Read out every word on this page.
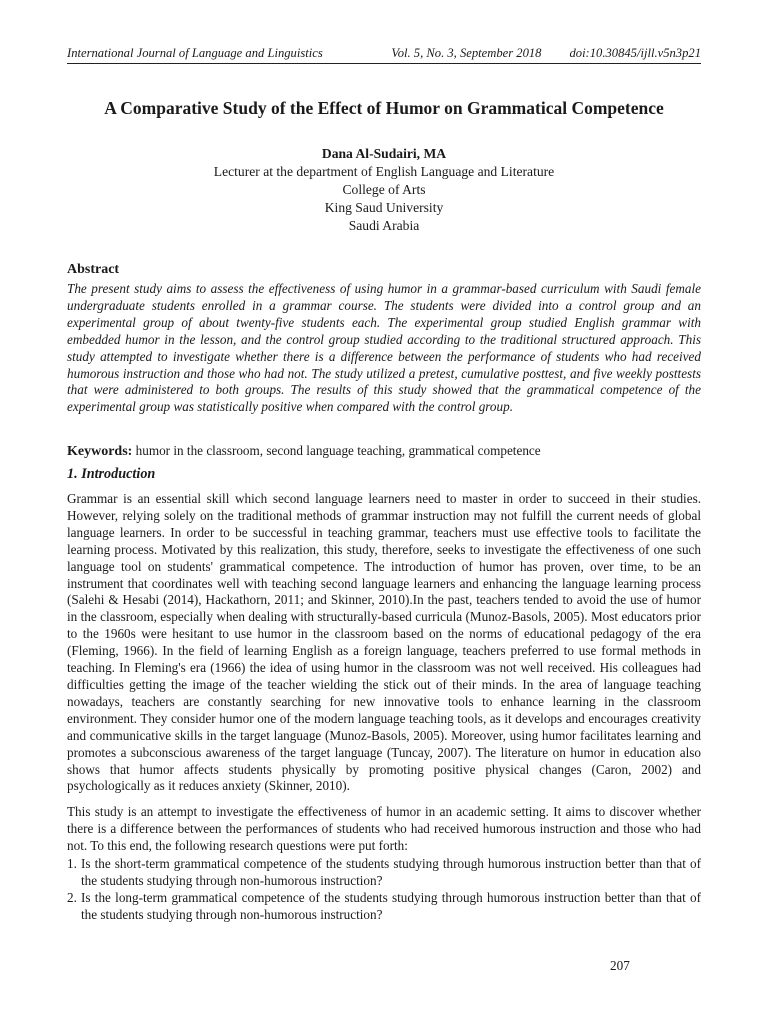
International Journal of Language and Linguistics	Vol. 5, No. 3, September 2018 doi:10.30845/ijll.v5n3p21
A Comparative Study of the Effect of Humor on Grammatical Competence
Dana Al-Sudairi, MA
Lecturer at the department of English Language and Literature
College of Arts
King Saud University
Saudi Arabia
Abstract
The present study aims to assess the effectiveness of using humor in a grammar-based curriculum with Saudi female undergraduate students enrolled in a grammar course. The students were divided into a control group and an experimental group of about twenty-five students each. The experimental group studied English grammar with embedded humor in the lesson, and the control group studied according to the traditional structured approach. This study attempted to investigate whether there is a difference between the performance of students who had received humorous instruction and those who had not. The study utilized a pretest, cumulative posttest, and five weekly posttests that were administered to both groups. The results of this study showed that the grammatical competence of the experimental group was statistically positive when compared with the control group.
Keywords: humor in the classroom, second language teaching, grammatical competence
1. Introduction
Grammar is an essential skill which second language learners need to master in order to succeed in their studies. However, relying solely on the traditional methods of grammar instruction may not fulfill the current needs of global language learners. In order to be successful in teaching grammar, teachers must use effective tools to facilitate the learning process. Motivated by this realization, this study, therefore, seeks to investigate the effectiveness of one such language tool on students' grammatical competence. The introduction of humor has proven, over time, to be an instrument that coordinates well with teaching second language learners and enhancing the language learning process (Salehi & Hesabi (2014), Hackathorn, 2011; and Skinner, 2010).In the past, teachers tended to avoid the use of humor in the classroom, especially when dealing with structurally-based curricula (Munoz-Basols, 2005). Most educators prior to the 1960s were hesitant to use humor in the classroom based on the norms of educational pedagogy of the era (Fleming, 1966). In the field of learning English as a foreign language, teachers preferred to use formal methods in teaching. In Fleming's era (1966) the idea of using humor in the classroom was not well received. His colleagues had difficulties getting the image of the teacher wielding the stick out of their minds. In the area of language teaching nowadays, teachers are constantly searching for new innovative tools to enhance learning in the classroom environment. They consider humor one of the modern language teaching tools, as it develops and encourages creativity and communicative skills in the target language (Munoz-Basols, 2005). Moreover, using humor facilitates learning and promotes a subconscious awareness of the target language (Tuncay, 2007). The literature on humor in education also shows that humor affects students physically by promoting positive physical changes (Caron, 2002) and psychologically as it reduces anxiety (Skinner, 2010).
This study is an attempt to investigate the effectiveness of humor in an academic setting. It aims to discover whether there is a difference between the performances of students who had received humorous instruction and those who had not. To this end, the following research questions were put forth:
1. Is the short-term grammatical competence of the students studying through humorous instruction better than that of the students studying through non-humorous instruction?
2. Is the long-term grammatical competence of the students studying through humorous instruction better than that of the students studying through non-humorous instruction?
207
